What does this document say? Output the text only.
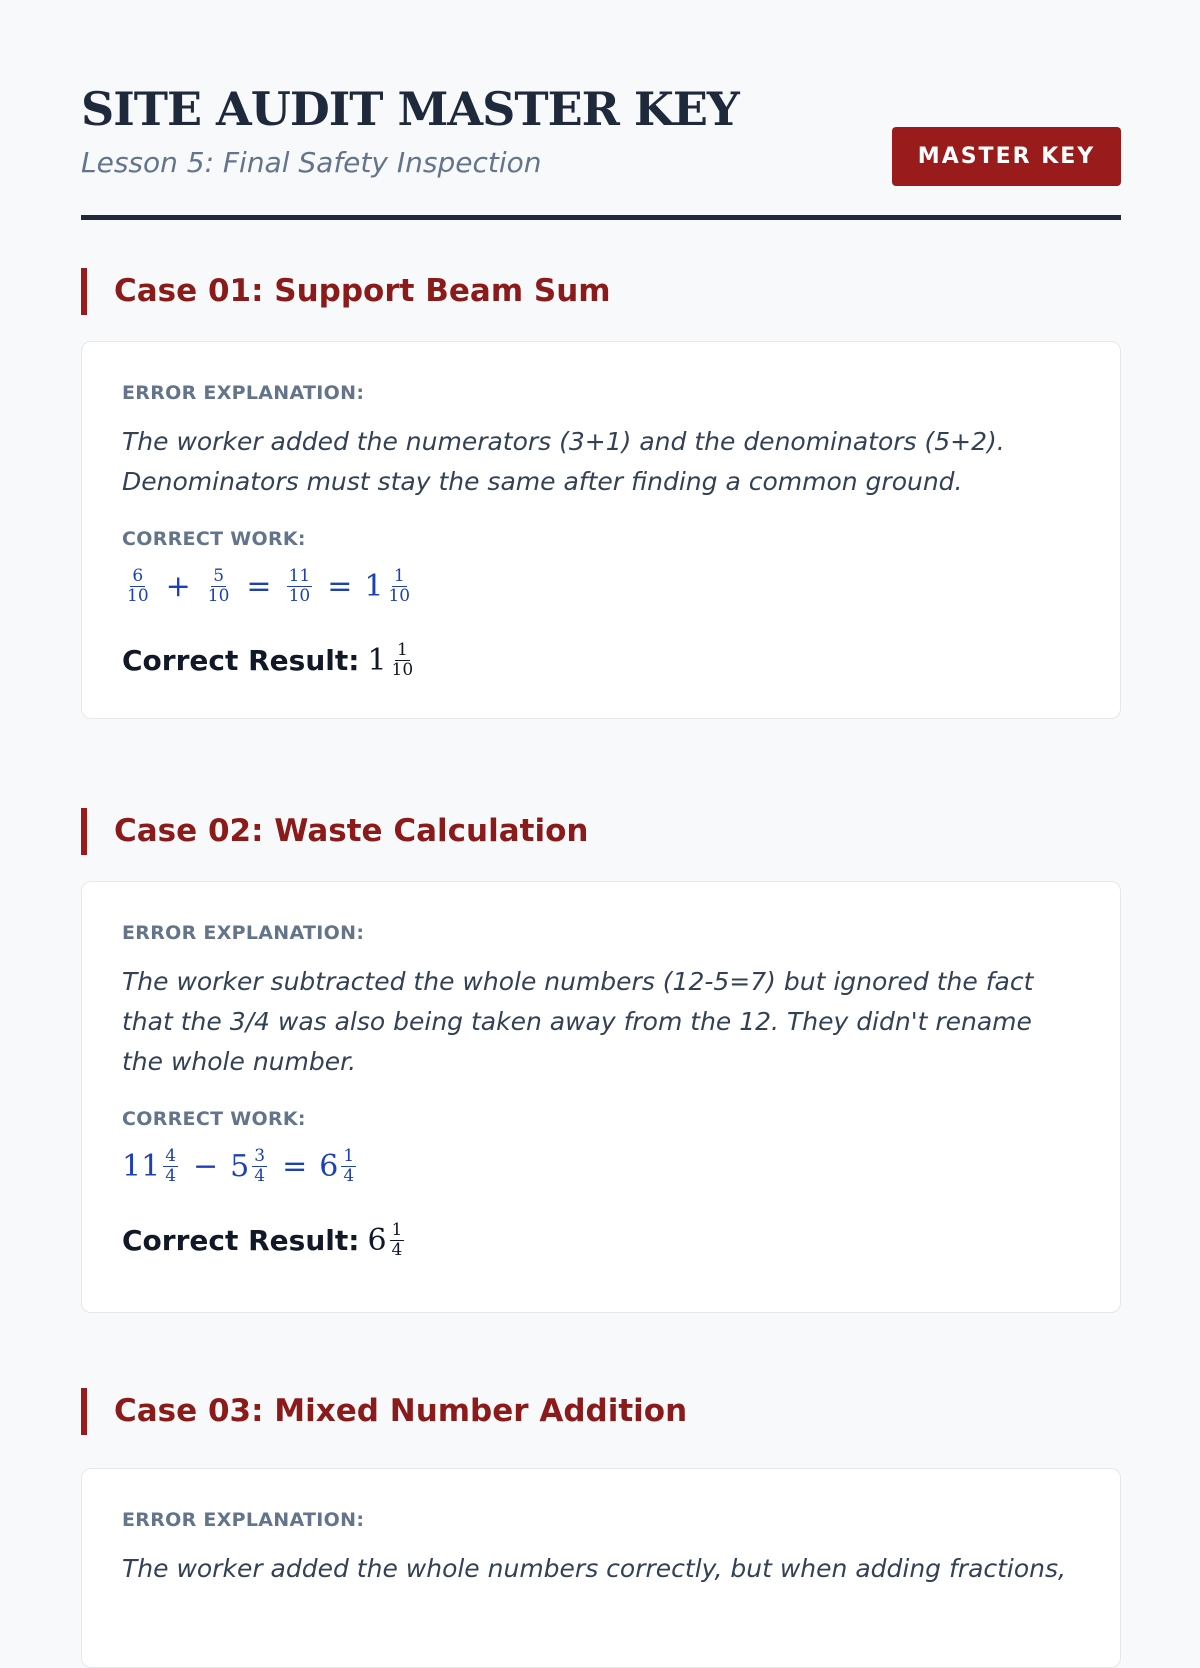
SITE AUDIT MASTER KEY
Lesson 5: Final Safety Inspection	MASTER KEY
Case 01: Support Beam Sum
ERROR EXPLANATION:
The worker added the numerators (3+1) and the denominators (5+2). Denominators must stay the same after finding a common ground.
CORRECT WORK:
$\frac{6}{10} + \frac{5}{10} = \frac{11}{10} = 1 \frac{1}{10}$
Correct Result: $1 \frac{1}{10}$
Case 02: Waste Calculation
ERROR EXPLANATION:
The worker subtracted the whole numbers (12-5=7) but ignored the fact that the 3/4 was also being taken away from the 12. They didn't rename the whole number.
CORRECT WORK:
$11 \frac{4}{4} - 5 \frac{3}{4} = 6 \frac{1}{4}$
Correct Result: $6 \frac{1}{4}$
Case 03: Mixed Number Addition
ERROR EXPLANATION:
The worker added the whole numbers correctly, but when adding fractions,
